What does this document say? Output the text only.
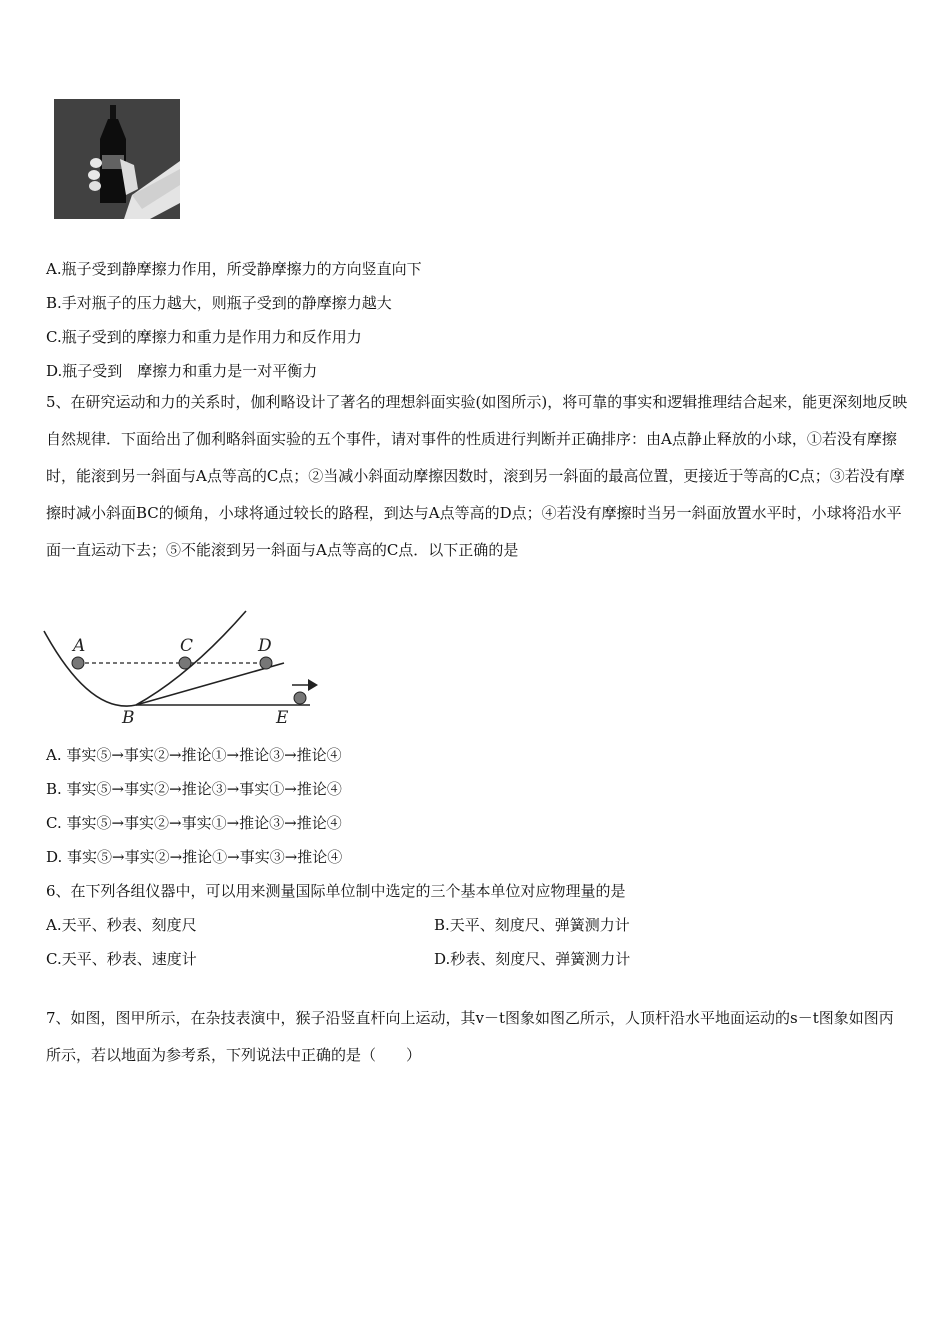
A.瓶子受到静摩擦力作用，所受静摩擦力的方向竖直向下
B.手对瓶子的压力越大，则瓶子受到的静摩擦力越大
C.瓶子受到的摩擦力和重力是作用力和反作用力
D.瓶子受到　摩擦力和重力是一对平衡力
5、在研究运动和力的关系时，伽利略设计了著名的理想斜面实验(如图所示)，将可靠的事实和逻辑推理结合起来，能更深刻地反映自然规律．下面给出了伽利略斜面实验的五个事件，请对事件的性质进行判断并正确排序：由A点静止释放的小球，①若没有摩擦时，能滚到另一斜面与A点等高的C点；②当减小斜面动摩擦因数时，滚到另一斜面的最高位置，更接近于等高的C点；③若没有摩擦时减小斜面BC的倾角，小球将通过较长的路程，到达与A点等高的D点；④若没有摩擦时当另一斜面放置水平时，小球将沿水平面一直运动下去；⑤不能滚到另一斜面与A点等高的C点．以下正确的是
A	C	D
B	E
A. 事实⑤→事实②→推论①→推论③→推论④
B. 事实⑤→事实②→推论③→事实①→推论④
C. 事实⑤→事实②→事实①→推论③→推论④
D. 事实⑤→事实②→推论①→事实③→推论④
6、在下列各组仪器中，可以用来测量国际单位制中选定的三个基本单位对应物理量的是
A.天平、秒表、刻度尺	B.天平、刻度尺、弹簧测力计
C.天平、秒表、速度计	D.秒表、刻度尺、弹簧测力计
7、如图，图甲所示，在杂技表演中，猴子沿竖直杆向上运动，其v－t图象如图乙所示，人顶杆沿水平地面运动的s－t图象如图丙所示，若以地面为参考系，下列说法中正确的是（　　）
